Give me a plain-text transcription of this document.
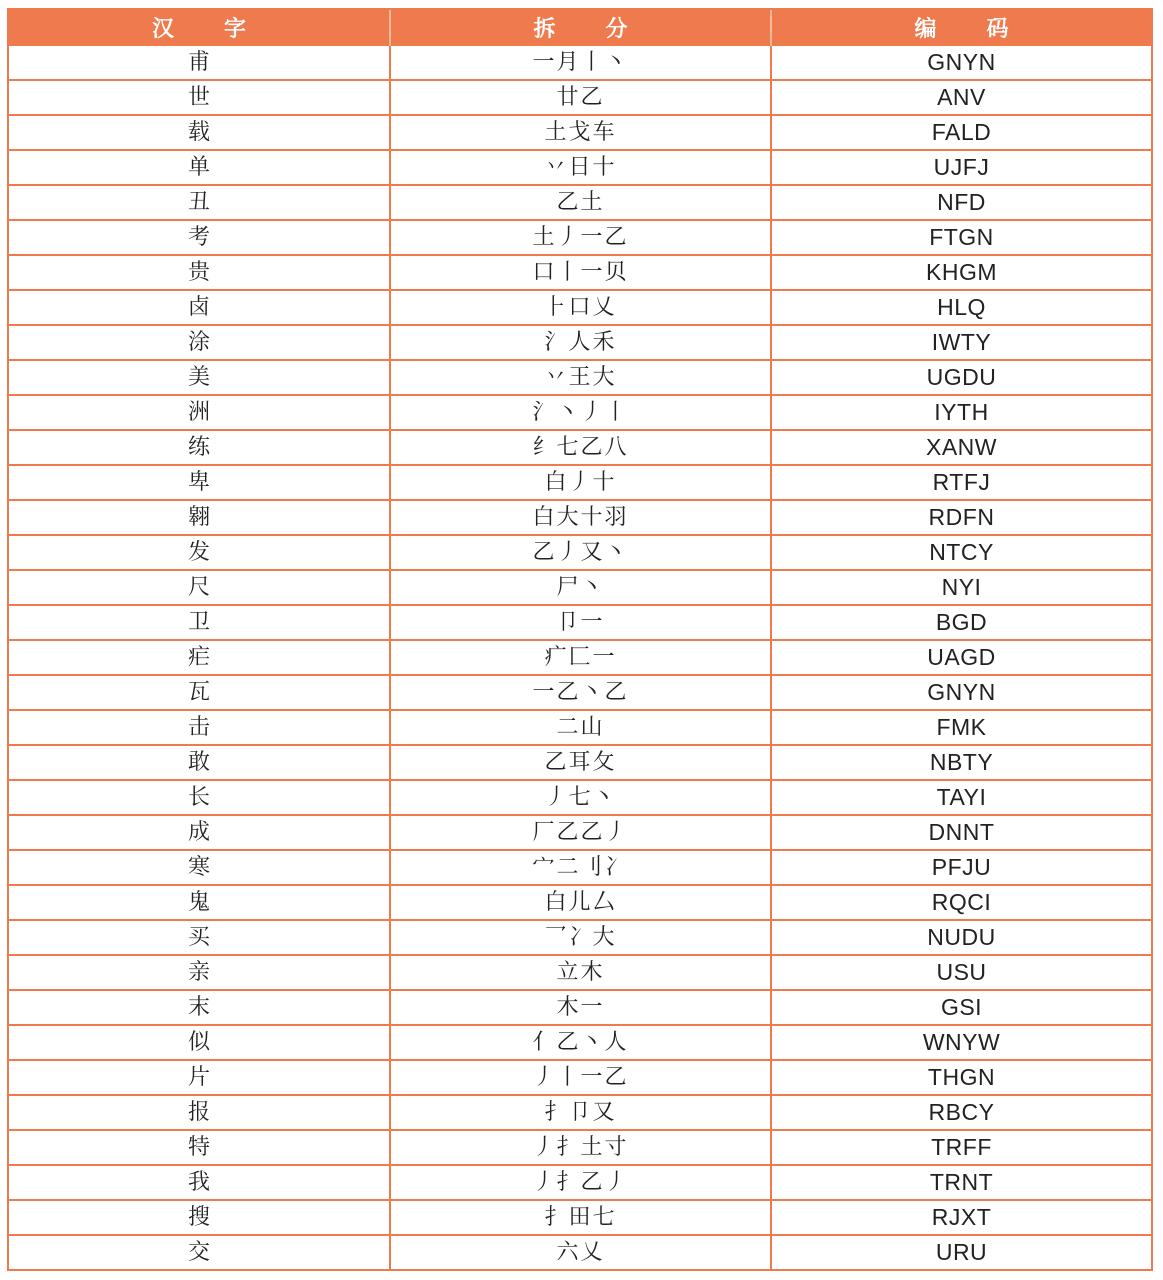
汉　字	拆　分	编　码
甫	一月丨丶	GNYN
世	廿乙	ANV
载	土戈车	FALD
单	丷日十	UJFJ
丑	乙土	NFD
考	土丿一乙	FTGN
贵	口丨一贝	KHGM
卤	⺊口乂	HLQ
涂	氵人禾	IWTY
美	丷王大	UGDU
洲	氵丶丿丨	IYTH
练	纟七乙八	XANW
卑	白丿十	RTFJ
翱	白大十羽	RDFN
发	乙丿又丶	NTCY
尺	尸丶	NYI
卫	卩一	BGD
疟	疒匚一	UAGD
瓦	一乙丶乙	GNYN
击	二山	FMK
敢	乙耳攵	NBTY
长	丿七丶	TAYI
成	厂乙乙丿	DNNT
寒	宀二刂冫	PFJU
鬼	白儿厶	RQCI
买	乛冫大	NUDU
亲	立木	USU
末	木一	GSI
似	亻乙丶人	WNYW
片	丿丨一乙	THGN
报	扌卩又	RBCY
特	丿扌土寸	TRFF
我	丿扌乙丿	TRNT
搜	扌田七	RJXT
交	六乂	URU
